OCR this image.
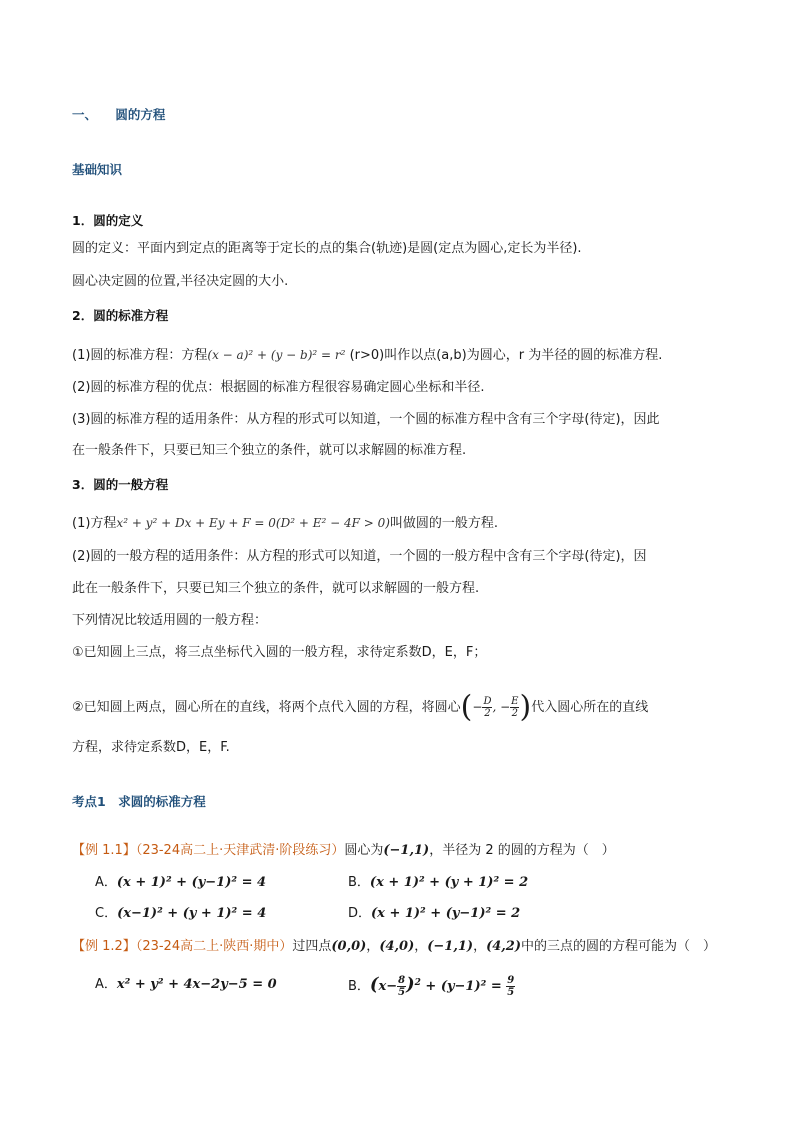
一、 圆的方程
基础知识
1．圆的定义
圆的定义：平面内到定点的距离等于定长的点的集合(轨迹)是圆(定点为圆心,定长为半径).
圆心决定圆的位置,半径决定圆的大小.
2．圆的标准方程
(1)圆的标准方程：方程(x − a)² + (y − b)² = r² (r>0)叫作以点(a,b)为圆心，r 为半径的圆的标准方程.
(2)圆的标准方程的优点：根据圆的标准方程很容易确定圆心坐标和半径.
(3)圆的标准方程的适用条件：从方程的形式可以知道，一个圆的标准方程中含有三个字母(待定)，因此
在一般条件下，只要已知三个独立的条件，就可以求解圆的标准方程.
3．圆的一般方程
(1)方程x² + y² + Dx + Ey + F = 0(D² + E² − 4F > 0)叫做圆的一般方程.
(2)圆的一般方程的适用条件：从方程的形式可以知道，一个圆的一般方程中含有三个字母(待定)，因
此在一般条件下，只要已知三个独立的条件，就可以求解圆的一般方程.
下列情况比较适用圆的一般方程：
①已知圆上三点，将三点坐标代入圆的一般方程，求待定系数D，E，F；
②已知圆上两点，圆心所在的直线，将两个点代入圆的方程，将圆心(− $\frac{D}{2}$ , − $\frac{E}{2}$ )代入圆心所在的直线
方程，求待定系数D，E，F.
考点1　求圆的标准方程
【例 1.1】（23-24高二上·天津武清·阶段练习）圆心为(−1,1)，半径为 2 的圆的方程为（　）
A．(x + 1)² + (y−1)² = 4	B．(x + 1)² + (y + 1)² = 2
C．(x−1)² + (y + 1)² = 4	D．(x + 1)² + (y−1)² = 2
【例 1.2】（23-24高二上·陕西·期中）过四点(0,0)，(4,0)，(−1,1)，(4,2)中的三点的圆的方程可能为（　）
A．x² + y² + 4x−2y−5 = 0	B．$(x- \frac{8}{5} )^2 + (y-1)^2 = \frac{9}{5}$
